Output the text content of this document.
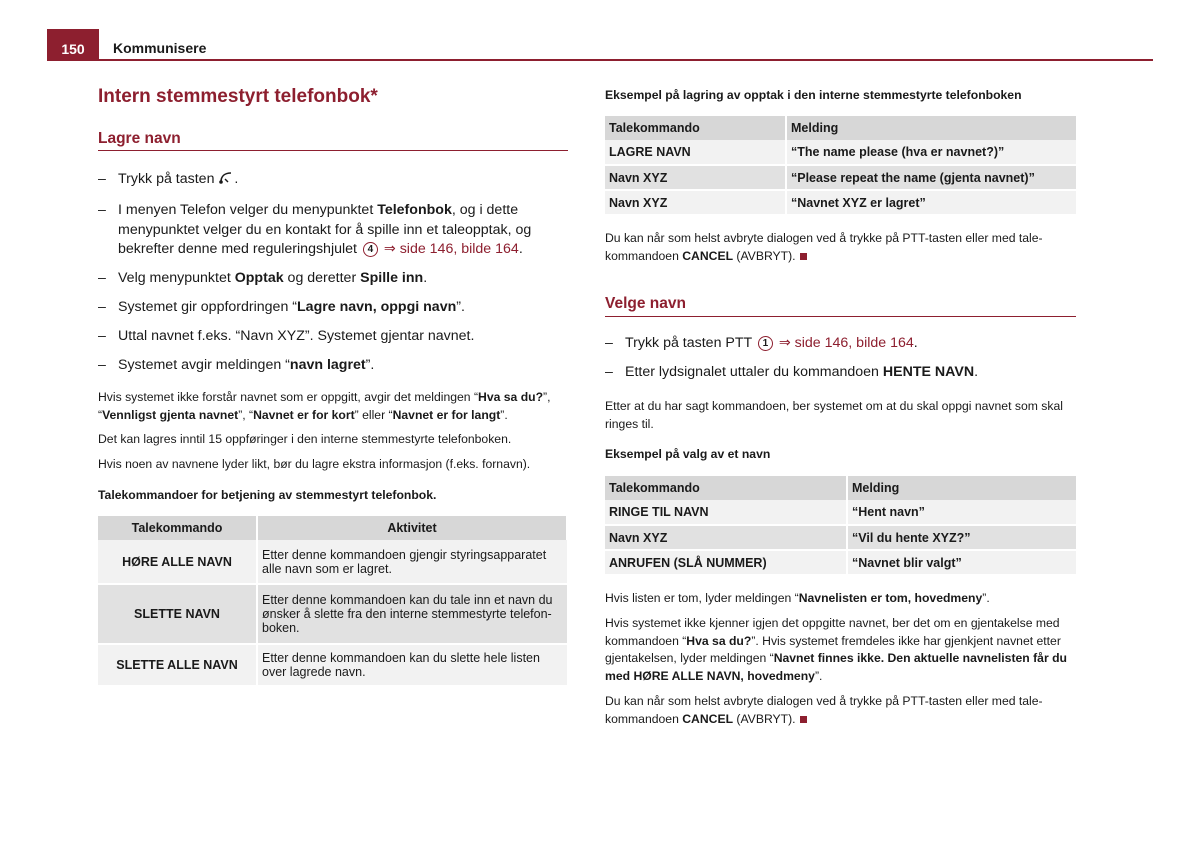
150	Kommunisere
Intern stemmestyrt telefonbok*
Lagre navn
– Trykk på tasten .
– I menyen Telefon velger du menypunktet Telefonbok, og i dette menypunktet velger du en kontakt for å spille inn et taleopptak, og bekrefter denne med reguleringshjulet 4 ⇒ side 146, bilde 164.
– Velg menypunktet Opptak og deretter Spille inn.
– Systemet gir oppfordringen “Lagre navn, oppgi navn”.
– Uttal navnet f.eks. “Navn XYZ”. Systemet gjentar navnet.
– Systemet avgir meldingen “navn lagret”.

Hvis systemet ikke forstår navnet som er oppgitt, avgir det meldingen “Hva sa du?”, “Vennligst gjenta navnet”, “Navnet er for kort” eller “Navnet er for langt”.

Det kan lagres inntil 15 oppføringer i den interne stemmestyrte telefonboken.

Hvis noen av navnene lyder likt, bør du lagre ekstra informasjon (f.eks. fornavn).

Talekommandoer for betjening av stemmestyrt telefonbok.

Talekommando	Aktivitet
HØRE ALLE NAVN	Etter denne kommandoen gjengir styringsapparatet alle navn som er lagret.
SLETTE NAVN	Etter denne kommandoen kan du tale inn et navn du ønsker å slette fra den interne stemmestyrte telefon-boken.
SLETTE ALLE NAVN	Etter denne kommandoen kan du slette hele listen over lagrede navn.

Eksempel på lagring av opptak i den interne stemmestyrte telefonboken

Talekommando	Melding
LAGRE NAVN	“The name please (hva er navnet?)”
Navn XYZ	“Please repeat the name (gjenta navnet)”
Navn XYZ	“Navnet XYZ er lagret”

Du kan når som helst avbryte dialogen ved å trykke på PTT-tasten eller med tale-kommandoen CANCEL (AVBRYT).

Velge navn
– Trykk på tasten PTT 1 ⇒ side 146, bilde 164.
– Etter lydsignalet uttaler du kommandoen HENTE NAVN.

Etter at du har sagt kommandoen, ber systemet om at du skal oppgi navnet som skal ringes til.

Eksempel på valg av et navn

Talekommando	Melding
RINGE TIL NAVN	“Hent navn”
Navn XYZ	“Vil du hente XYZ?”
ANRUFEN (SLÅ NUMMER)	“Navnet blir valgt”

Hvis listen er tom, lyder meldingen “Navnelisten er tom, hovedmeny”.

Hvis systemet ikke kjenner igjen det oppgitte navnet, ber det om en gjentakelse med kommandoen “Hva sa du?”. Hvis systemet fremdeles ikke har gjenkjent navnet etter gjentakelsen, lyder meldingen “Navnet finnes ikke. Den aktuelle navnelisten får du med HØRE ALLE NAVN, hovedmeny”.

Du kan når som helst avbryte dialogen ved å trykke på PTT-tasten eller med tale-kommandoen CANCEL (AVBRYT).
